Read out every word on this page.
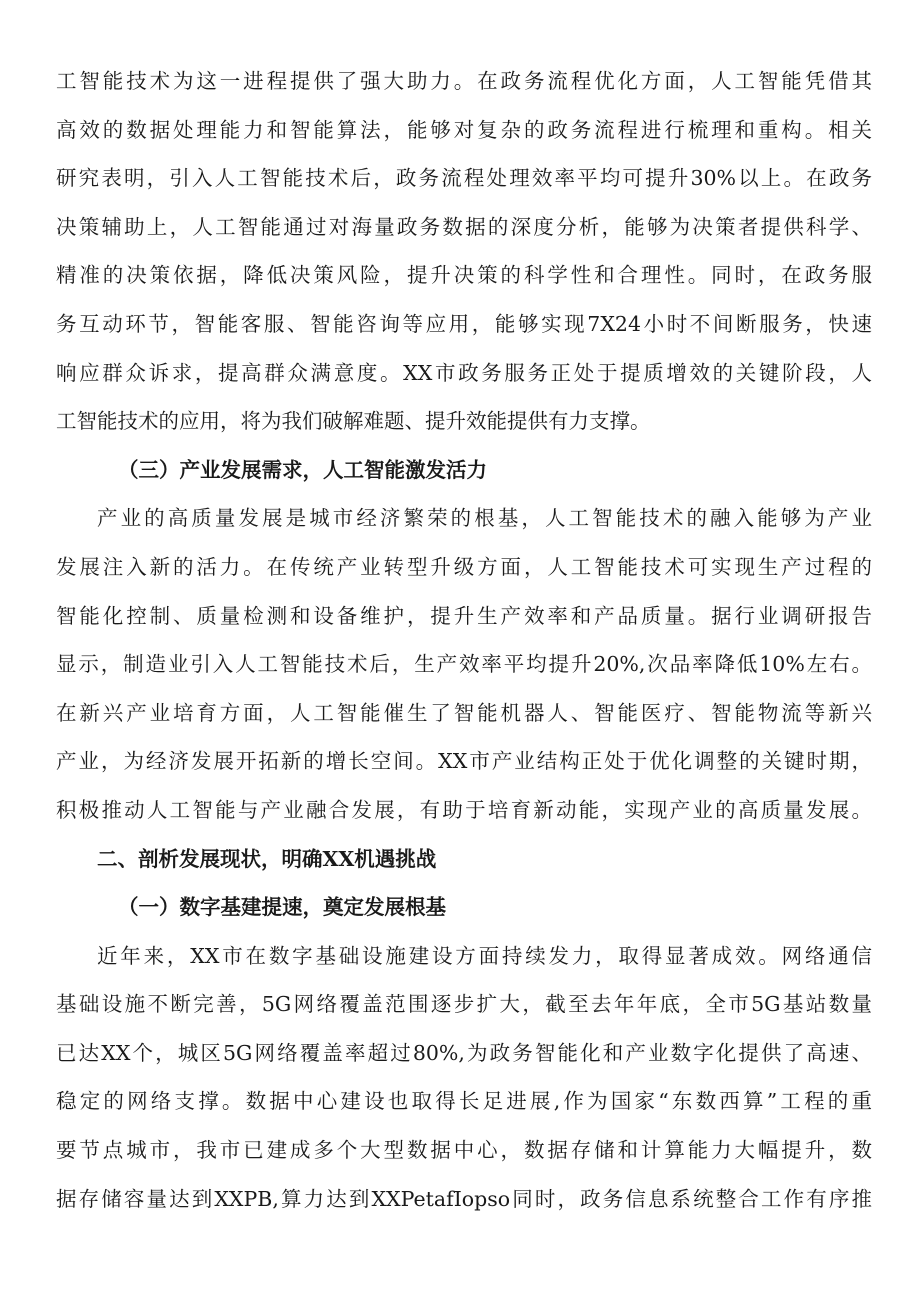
工智能技术为这一进程提供了强大助力。在政务流程优化方面，人工智能凭借其
高效的数据处理能力和智能算法，能够对复杂的政务流程进行梳理和重构。相关
研究表明，引入人工智能技术后，政务流程处理效率平均可提升30%以上。在政务
决策辅助上，人工智能通过对海量政务数据的深度分析，能够为决策者提供科学、
精准的决策依据，降低决策风险，提升决策的科学性和合理性。同时，在政务服
务互动环节，智能客服、智能咨询等应用，能够实现7X24小时不间断服务，快速
响应群众诉求，提高群众满意度。XX市政务服务正处于提质增效的关键阶段，人
工智能技术的应用，将为我们破解难题、提升效能提供有力支撑。
（三）产业发展需求，人工智能激发活力
产业的高质量发展是城市经济繁荣的根基，人工智能技术的融入能够为产业
发展注入新的活力。在传统产业转型升级方面，人工智能技术可实现生产过程的
智能化控制、质量检测和设备维护，提升生产效率和产品质量。据行业调研报告
显示，制造业引入人工智能技术后，生产效率平均提升20%,次品率降低10%左右。
在新兴产业培育方面，人工智能催生了智能机器人、智能医疗、智能物流等新兴
产业，为经济发展开拓新的增长空间。XX市产业结构正处于优化调整的关键时期，
积极推动人工智能与产业融合发展，有助于培育新动能，实现产业的高质量发展。
二、剖析发展现状，明确XX机遇挑战
（一）数字基建提速，奠定发展根基
近年来，XX市在数字基础设施建设方面持续发力，取得显著成效。网络通信
基础设施不断完善，5G网络覆盖范围逐步扩大，截至去年年底，全市5G基站数量
已达XX个，城区5G网络覆盖率超过80%,为政务智能化和产业数字化提供了高速、
稳定的网络支撑。数据中心建设也取得长足进展,作为国家“东数西算”工程的重
要节点城市，我市已建成多个大型数据中心，数据存储和计算能力大幅提升，数
据存储容量达到XXPB,算力达到XXPetafIopso同时，政务信息系统整合工作有序推
